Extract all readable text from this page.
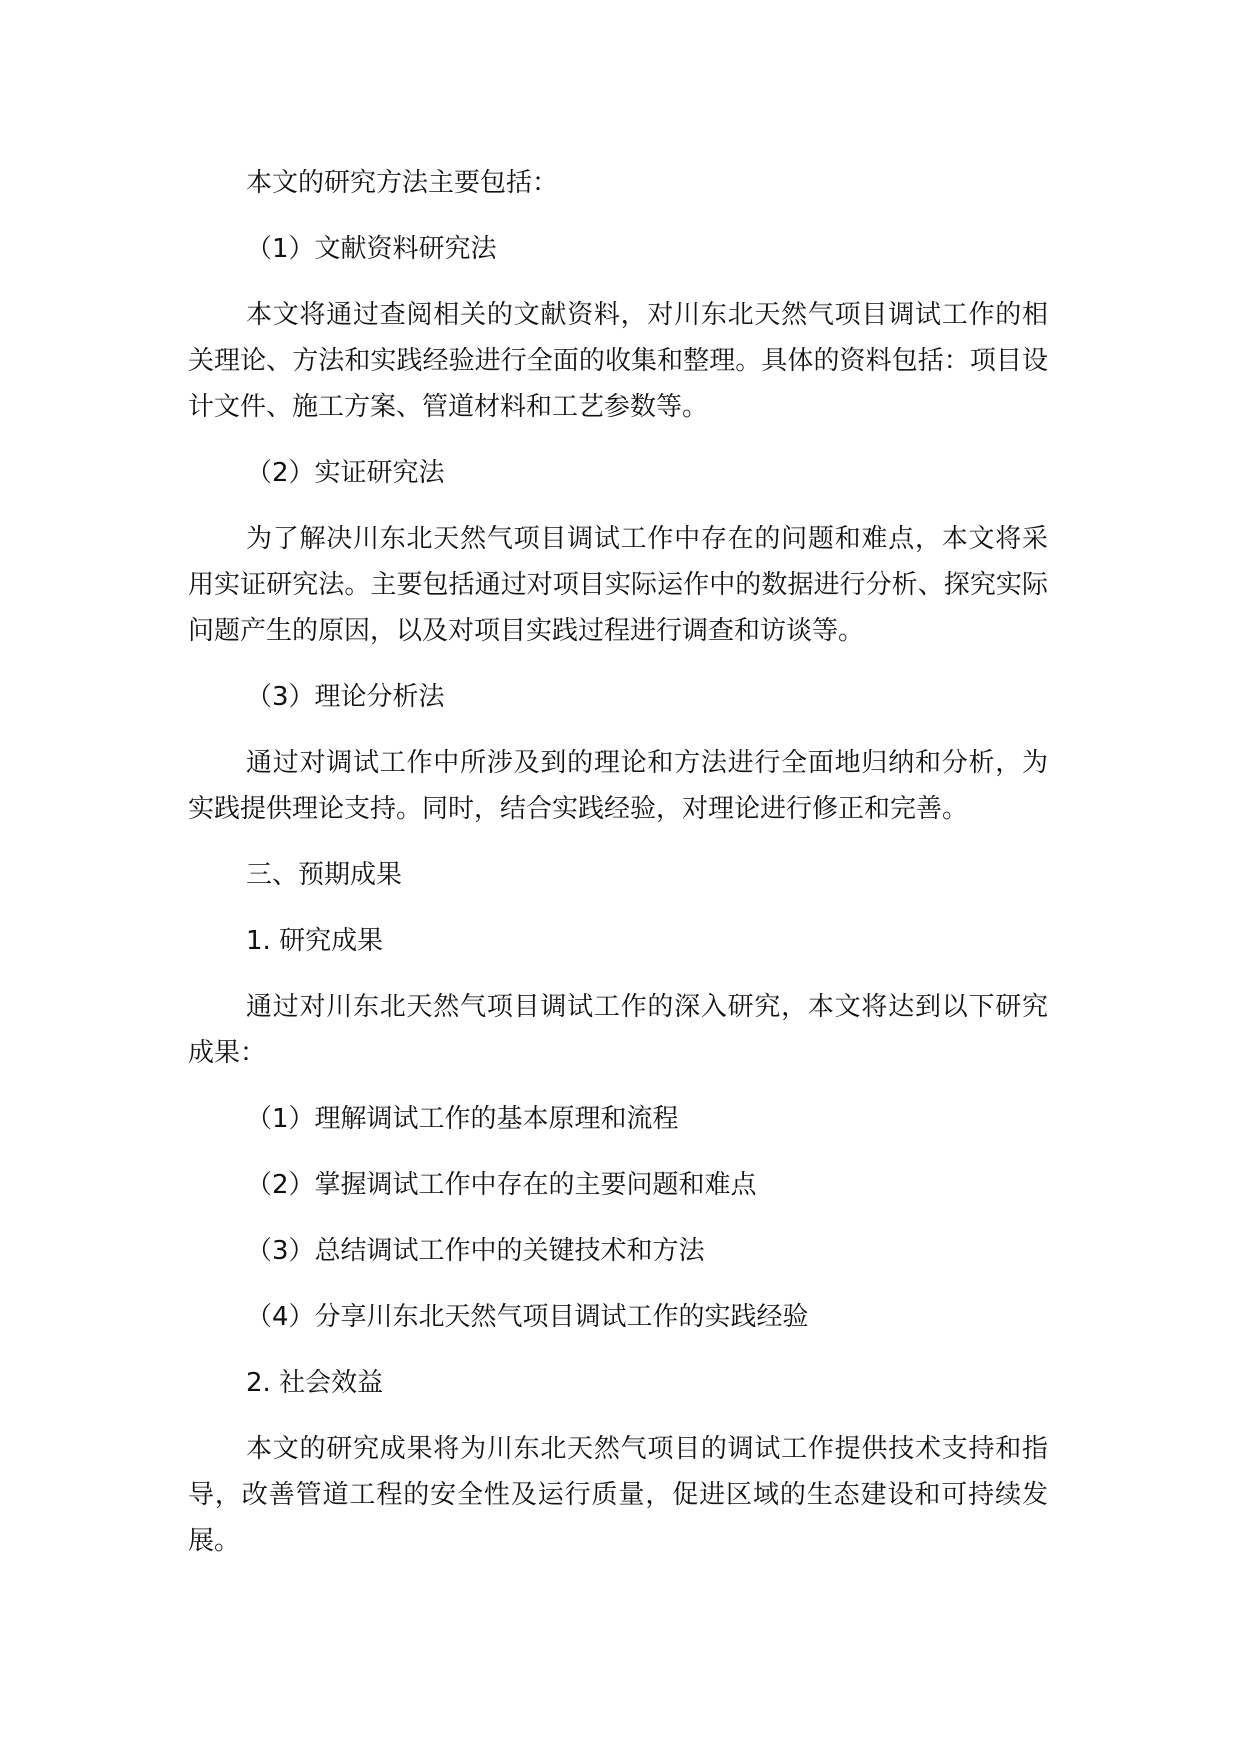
本文的研究方法主要包括：

（1）文献资料研究法

本文将通过查阅相关的文献资料，对川东北天然气项目调试工作的相关理论、方法和实践经验进行全面的收集和整理。具体的资料包括：项目设计文件、施工方案、管道材料和工艺参数等。

（2）实证研究法

为了解决川东北天然气项目调试工作中存在的问题和难点，本文将采用实证研究法。主要包括通过对项目实际运作中的数据进行分析、探究实际问题产生的原因，以及对项目实践过程进行调查和访谈等。

（3）理论分析法

通过对调试工作中所涉及到的理论和方法进行全面地归纳和分析，为实践提供理论支持。同时，结合实践经验，对理论进行修正和完善。

三、预期成果

1. 研究成果

通过对川东北天然气项目调试工作的深入研究，本文将达到以下研究成果：

（1）理解调试工作的基本原理和流程

（2）掌握调试工作中存在的主要问题和难点

（3）总结调试工作中的关键技术和方法

（4）分享川东北天然气项目调试工作的实践经验

2. 社会效益

本文的研究成果将为川东北天然气项目的调试工作提供技术支持和指导，改善管道工程的安全性及运行质量，促进区域的生态建设和可持续发展。
